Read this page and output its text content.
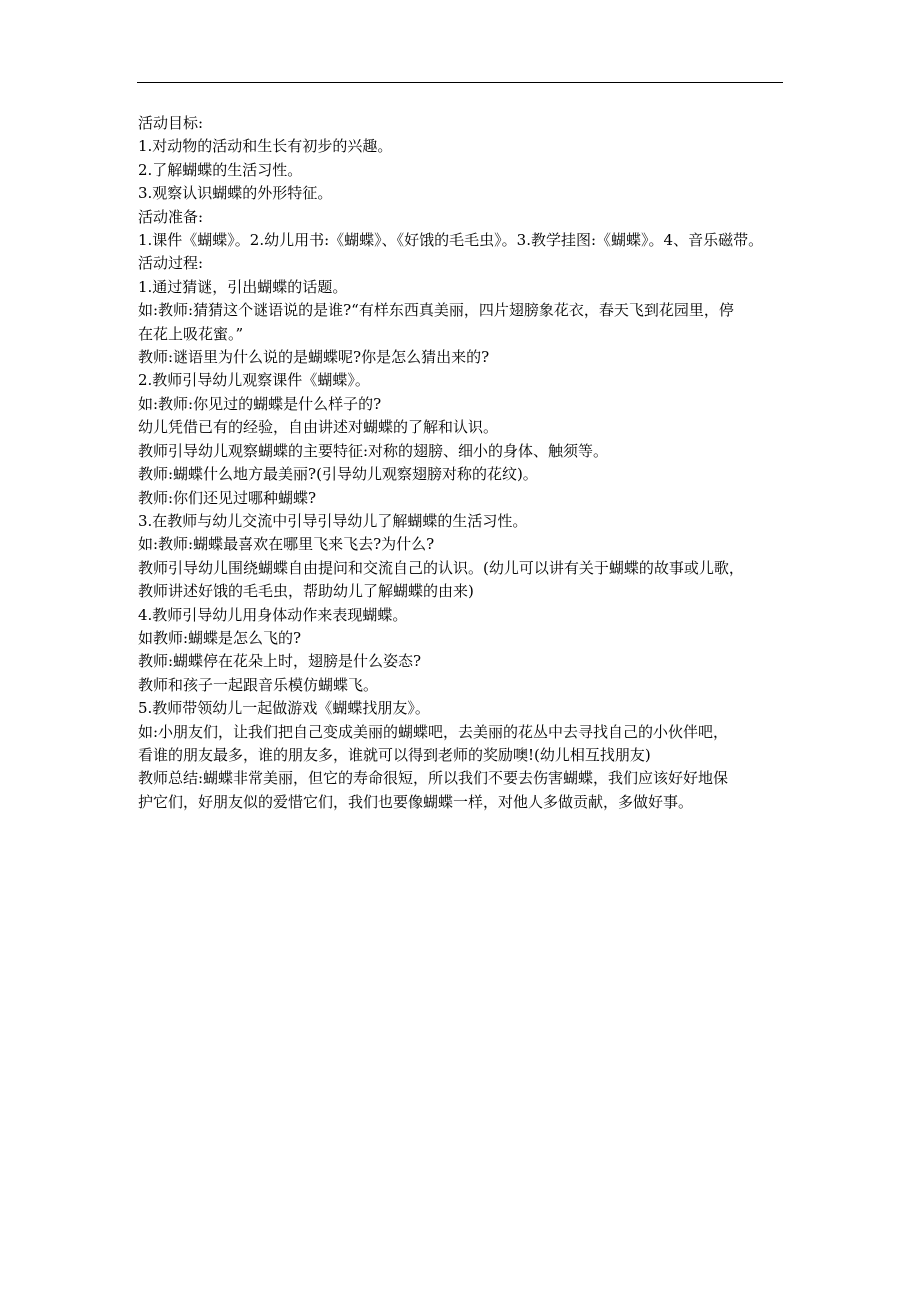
活动目标:
1.对动物的活动和生长有初步的兴趣。
2.了解蝴蝶的生活习性。
3.观察认识蝴蝶的外形特征。
活动准备:
1.课件《蝴蝶》。2.幼儿用书:《蝴蝶》、《好饿的毛毛虫》。3.教学挂图:《蝴蝶》。4、音乐磁带。
活动过程:
1.通过猜谜，引出蝴蝶的话题。
如:教师:猜猜这个谜语说的是谁?“有样东西真美丽，四片翅膀象花衣，春天飞到花园里，停
在花上吸花蜜。”
教师:谜语里为什么说的是蝴蝶呢?你是怎么猜出来的?
2.教师引导幼儿观察课件《蝴蝶》。
如:教师:你见过的蝴蝶是什么样子的?
幼儿凭借已有的经验，自由讲述对蝴蝶的了解和认识。
教师引导幼儿观察蝴蝶的主要特征:对称的翅膀、细小的身体、触须等。
教师:蝴蝶什么地方最美丽?(引导幼儿观察翅膀对称的花纹)。
教师:你们还见过哪种蝴蝶?
3.在教师与幼儿交流中引导引导幼儿了解蝴蝶的生活习性。
如:教师:蝴蝶最喜欢在哪里飞来飞去?为什么?
教师引导幼儿围绕蝴蝶自由提问和交流自己的认识。(幼儿可以讲有关于蝴蝶的故事或儿歌，
教师讲述好饿的毛毛虫，帮助幼儿了解蝴蝶的由来)
4.教师引导幼儿用身体动作来表现蝴蝶。
如教师:蝴蝶是怎么飞的?
教师:蝴蝶停在花朵上时，翅膀是什么姿态?
教师和孩子一起跟音乐模仿蝴蝶飞。
5.教师带领幼儿一起做游戏《蝴蝶找朋友》。
如:小朋友们，让我们把自己变成美丽的蝴蝶吧，去美丽的花丛中去寻找自己的小伙伴吧，
看谁的朋友最多，谁的朋友多，谁就可以得到老师的奖励噢!(幼儿相互找朋友)
教师总结:蝴蝶非常美丽，但它的寿命很短，所以我们不要去伤害蝴蝶，我们应该好好地保
护它们，好朋友似的爱惜它们，我们也要像蝴蝶一样，对他人多做贡献，多做好事。
